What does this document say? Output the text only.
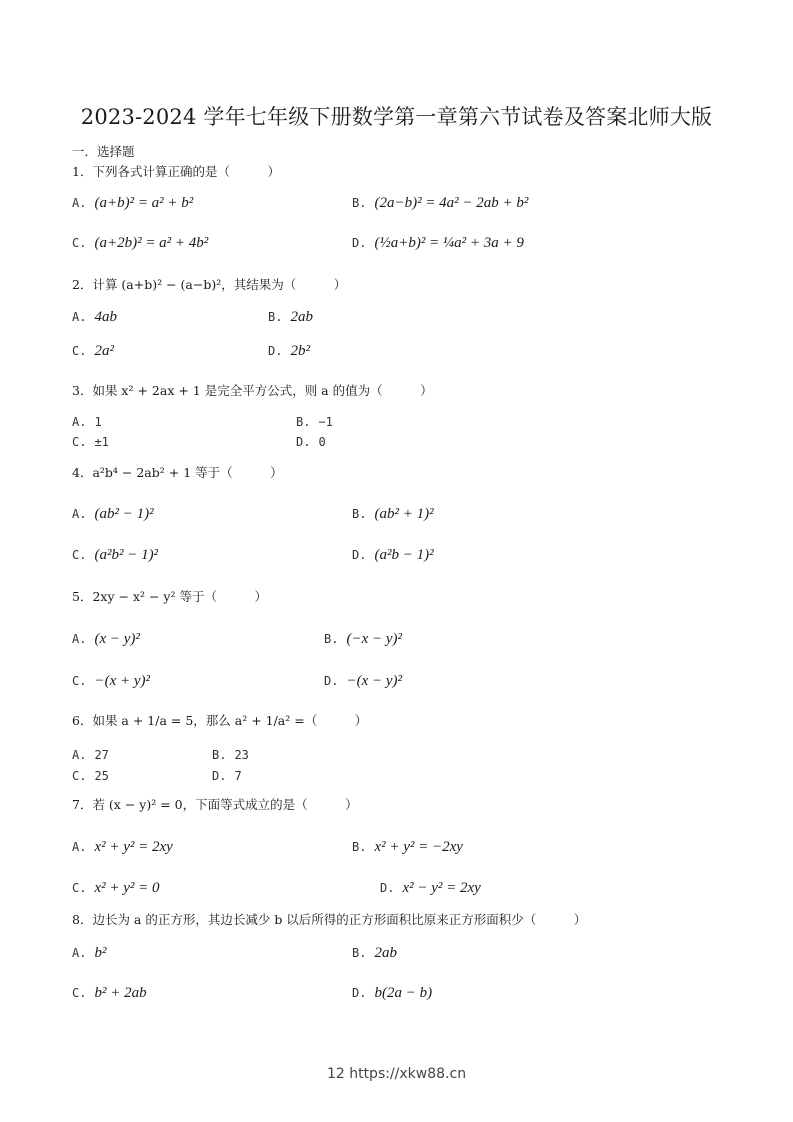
2023-2024 学年七年级下册数学第一章第六节试卷及答案北师大版
一．选择题
1．下列各式计算正确的是（　　　）
A. (a+b)² = a² + b²	B. (2a−b)² = 4a² − 2ab + b²
C. (a+2b)² = a² + 4b²	D. (½a+b)² = ¼a² + 3a + 9
2．计算 (a+b)² − (a−b)²，其结果为（　　　）
A. 4ab	B. 2ab
C. 2a²	D. 2b²
3．如果 x² + 2ax + 1 是完全平方公式，则 a 的值为（　　　）
A. 1	B. −1
C. ±1	D. 0
4．a²b⁴ − 2ab² + 1 等于（　　　）
A. (ab² − 1)²	B. (ab² + 1)²
C. (a²b² − 1)²	D. (a²b − 1)²
5．2xy − x² − y² 等于（　　　）
A. (x − y)²	B. (−x − y)²
C. −(x + y)²	D. −(x − y)²
6．如果 a + 1/a = 5，那么 a² + 1/a² =（　　　）
A. 27	B. 23
C. 25	D. 7
7．若 (x − y)² = 0，下面等式成立的是（　　　）
A. x² + y² = 2xy	B. x² + y² = −2xy
C. x² + y² = 0	D. x² − y² = 2xy
8．边长为 a 的正方形，其边长减少 b 以后所得的正方形面积比原来正方形面积少（　　　）
A. b²	B. 2ab
C. b² + 2ab	D. b(2a − b)
12 https://xkw88.cn
